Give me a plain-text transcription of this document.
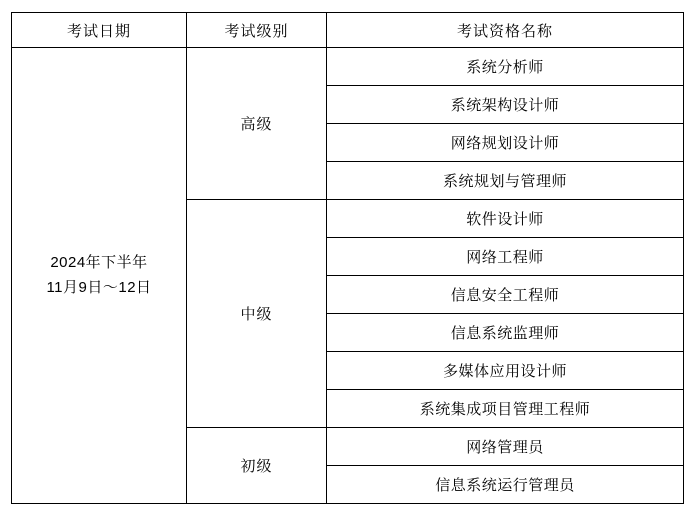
考试日期	考试级别	考试资格名称

2024年下半年
11月9日～12日	高级	系统分析师
		系统架构设计师
		网络规划设计师
		系统规划与管理师
	中级	软件设计师
		网络工程师
		信息安全工程师
		信息系统监理师
		多媒体应用设计师
		系统集成项目管理工程师
	初级	网络管理员
		信息系统运行管理员
